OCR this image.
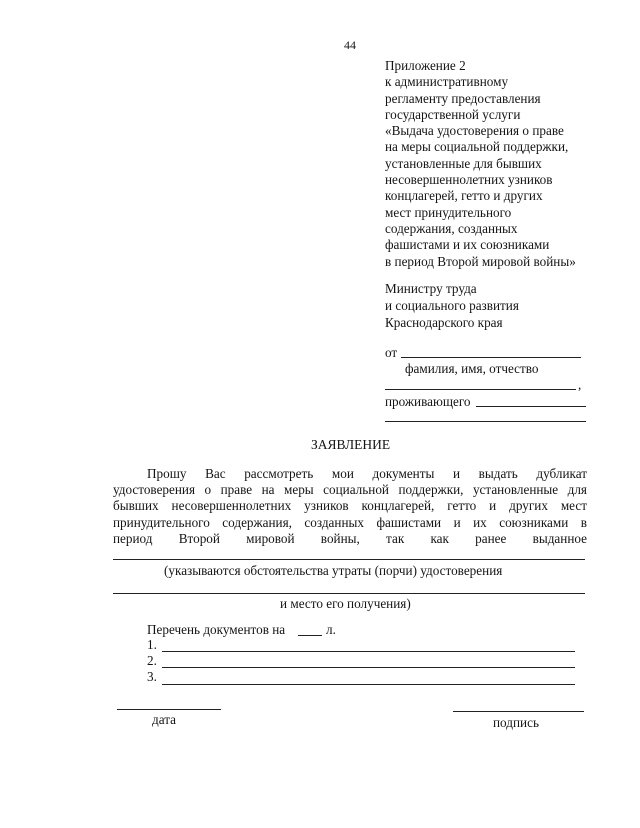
44
Приложение 2
к административному
регламенту предоставления
государственной услуги
«Выдача удостоверения о праве
на меры социальной поддержки,
установленные для бывших
несовершеннолетних узников
концлагерей, гетто и других
мест принудительного
содержания, созданных
фашистами и их союзниками
в период Второй мировой войны»
Министру труда
и социального развития
Краснодарского края
от
фамилия, имя, отчество
,
проживающего
ЗАЯВЛЕНИЕ
Прошу Вас рассмотреть мои документы и выдать дубликат
удостоверения о праве на меры социальной поддержки, установленные для
бывших несовершеннолетних узников концлагерей, гетто и других мест
принудительного содержания, созданных фашистами и их союзниками в
период Второй мировой войны, так как ранее выданное
(указываются обстоятельства утраты (порчи) удостоверения
и место его получения)
Перечень документов на	л.
1.
2.
3.
дата	подпись
